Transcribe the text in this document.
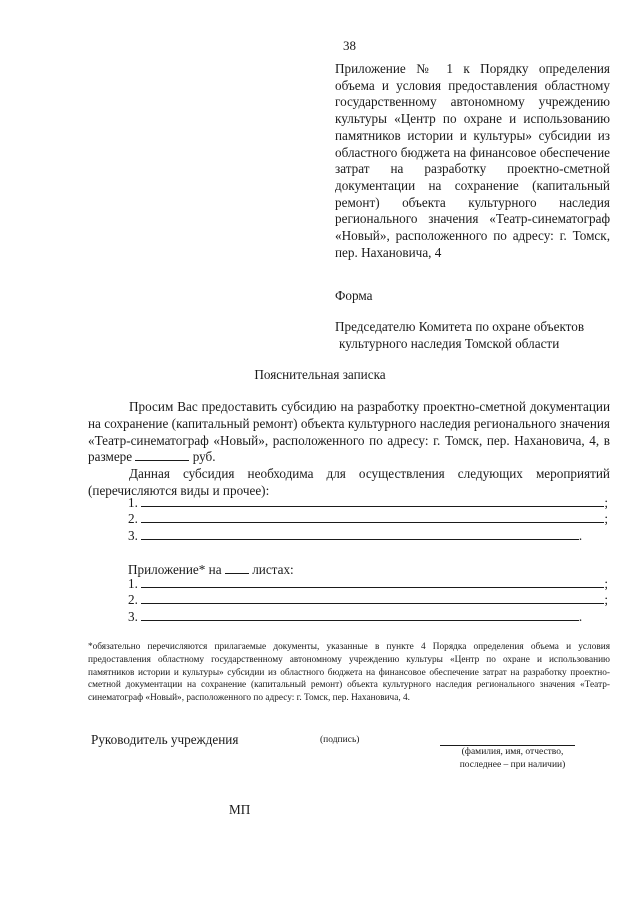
38
Приложение № 1 к Порядку определения объема и условия предоставления областному государственному автономному учреждению культуры «Центр по охране и использованию памятников истории и культуры» субсидии из областного бюджета на финансовое обеспечение затрат на разработку проектно-сметной документации на сохранение (капитальный ремонт) объекта культурного наследия регионального значения «Театр-синематограф «Новый», расположенного по адресу: г. Томск, пер. Нахановича, 4
Форма
Председателю Комитета по охране объектов
культурного наследия Томской области
Пояснительная записка

Просим Вас предоставить субсидию на разработку проектно-сметной документации на сохранение (капитальный ремонт) объекта культурного наследия регионального значения «Театр-синематограф «Новый», расположенного по адресу: г. Томск, пер. Нахановича, 4, в размере	руб.

Данная субсидия необходима для осуществления следующих мероприятий (перечисляются виды и прочее):

1.	;
2.	;
3.	.
Приложение* на листах:
1.	;
2.	;
3.	.

*обязательно перечисляются прилагаемые документы, указанные в пункте 4 Порядка определения объема и условия предоставления областному государственному автономному учреждению культуры «Центр по охране и использованию памятников истории и культуры» субсидии из областного бюджета на финансовое обеспечение затрат на разработку проектно-сметной документации на сохранение (капитальный ремонт) объекта культурного наследия регионального значения «Театр-синематограф «Новый», расположенного по адресу: г. Томск, пер. Нахановича, 4.

Руководитель учреждения	(подпись)
(фамилия, имя, отчество,
последнее – при наличии)
МП
